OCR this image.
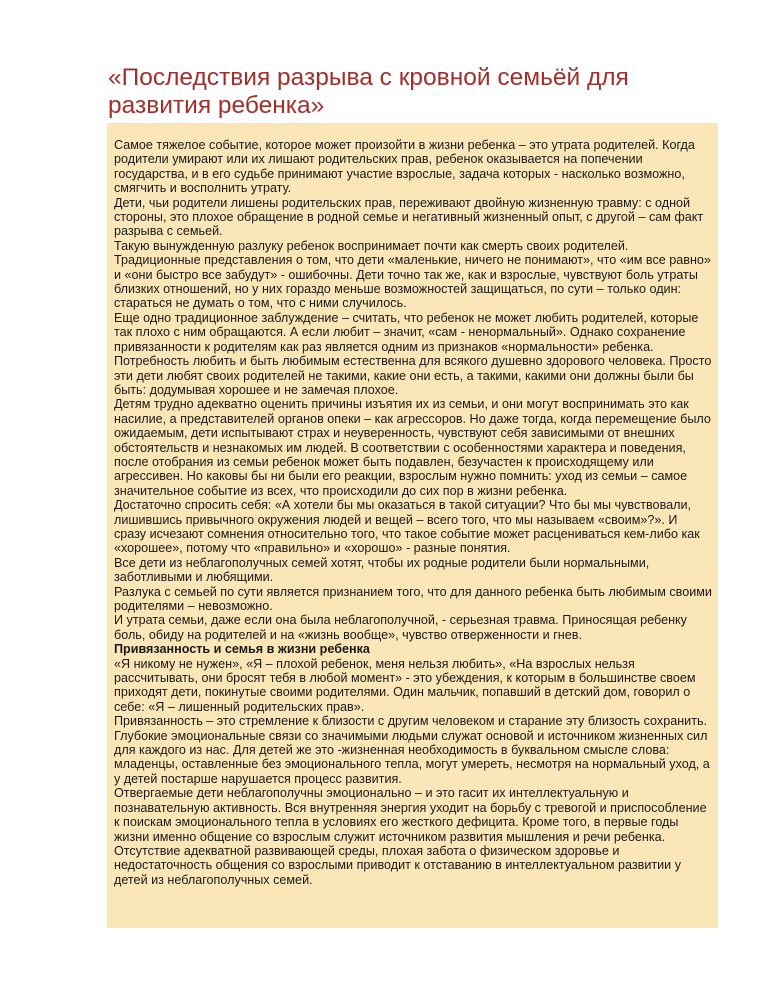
«Последствия разрыва с кровной семьёй для развития ребенка»

Самое тяжелое событие, которое может произойти в жизни ребенка – это утрата родителей. Когда родители умирают или их лишают родительских прав, ребенок оказывается на попечении государства, и в его судьбе принимают участие взрослые, задача которых - насколько возможно, смягчить и восполнить утрату.

Дети, чьи родители лишены родительских прав, переживают двойную жизненную травму: с одной стороны, это плохое обращение в родной семье и негативный жизненный опыт, с другой – сам факт разрыва с семьей.

Такую вынужденную разлуку ребенок воспринимает почти как смерть своих родителей. Традиционные представления о том, что дети «маленькие, ничего не понимают», что «им все равно» и «они быстро все забудут» - ошибочны. Дети точно так же, как и взрослые, чувствуют боль утраты близких отношений, но у них гораздо меньше возможностей защищаться, по сути – только один: стараться не думать о том, что с ними случилось.

Еще одно традиционное заблуждение – считать, что ребенок не может любить родителей, которые так плохо с ним обращаются. А если любит – значит, «сам - ненормальный». Однако сохранение привязанности к родителям как раз является одним из признаков «нормальности» ребенка. Потребность любить и быть любимым естественна для всякого душевно здорового человека. Просто эти дети любят своих родителей не такими, какие они есть, а такими, какими они должны были бы быть: додумывая хорошее и не замечая плохое.

Детям трудно адекватно оценить причины изъятия их из семьи, и они могут воспринимать это как насилие, а представителей органов опеки – как агрессоров. Но даже тогда, когда перемещение было ожидаемым, дети испытывают страх и неуверенность, чувствуют себя зависимыми от внешних обстоятельств и незнакомых им людей. В соответствии с особенностями характера и поведения, после отобрания из семьи ребенок может быть подавлен, безучастен к происходящему или агрессивен. Но каковы бы ни были его реакции, взрослым нужно помнить: уход из семьи – самое значительное событие из всех, что происходили до сих пор в жизни ребенка.

Достаточно спросить себя: «А хотели бы мы оказаться в такой ситуации? Что бы мы чувствовали, лишившись привычного окружения людей и вещей – всего того, что мы называем «своим»?». И сразу исчезают сомнения относительно того, что такое событие может расцениваться кем-либо как «хорошее», потому что «правильно» и «хорошо» - разные понятия.

Все дети из неблагополучных семей хотят, чтобы их родные родители были нормальными, заботливыми и любящими.

Разлука с семьей по сути является признанием того, что для данного ребенка быть любимым своими родителями – невозможно.

И утрата семьи, даже если она была неблагополучной, - серьезная травма. Приносящая ребенку боль, обиду на родителей и на «жизнь вообще», чувство отверженности и гнев.

Привязанность и семья в жизни ребенка

«Я никому не нужен», «Я – плохой ребенок, меня нельзя любить», «На взрослых нельзя рассчитывать, они бросят тебя в любой момент» - это убеждения, к которым в большинстве своем приходят дети, покинутые своими родителями. Один мальчик, попавший в детский дом, говорил о себе: «Я – лишенный родительских прав».

Привязанность – это стремление к близости с другим человеком и старание эту близость сохранить.

Глубокие эмоциональные связи со значимыми людьми служат основой и источником жизненных сил для каждого из нас. Для детей же это -жизненная необходимость в буквальном смысле слова: младенцы, оставленные без эмоционального тепла, могут умереть, несмотря на нормальный уход, а у детей постарше нарушается процесс развития.

Отвергаемые дети неблагополучны эмоционально – и это гасит их интеллектуальную и познавательную активность. Вся внутренняя энергия уходит на борьбу с тревогой и приспособление к поискам эмоционального тепла в условиях его жесткого дефицита. Кроме того, в первые годы жизни именно общение со взрослым служит источником развития мышления и речи ребенка. Отсутствие адекватной развивающей среды, плохая забота о физическом здоровье и недостаточность общения со взрослыми приводит к отставанию в интеллектуальном развитии у детей из неблагополучных семей.
